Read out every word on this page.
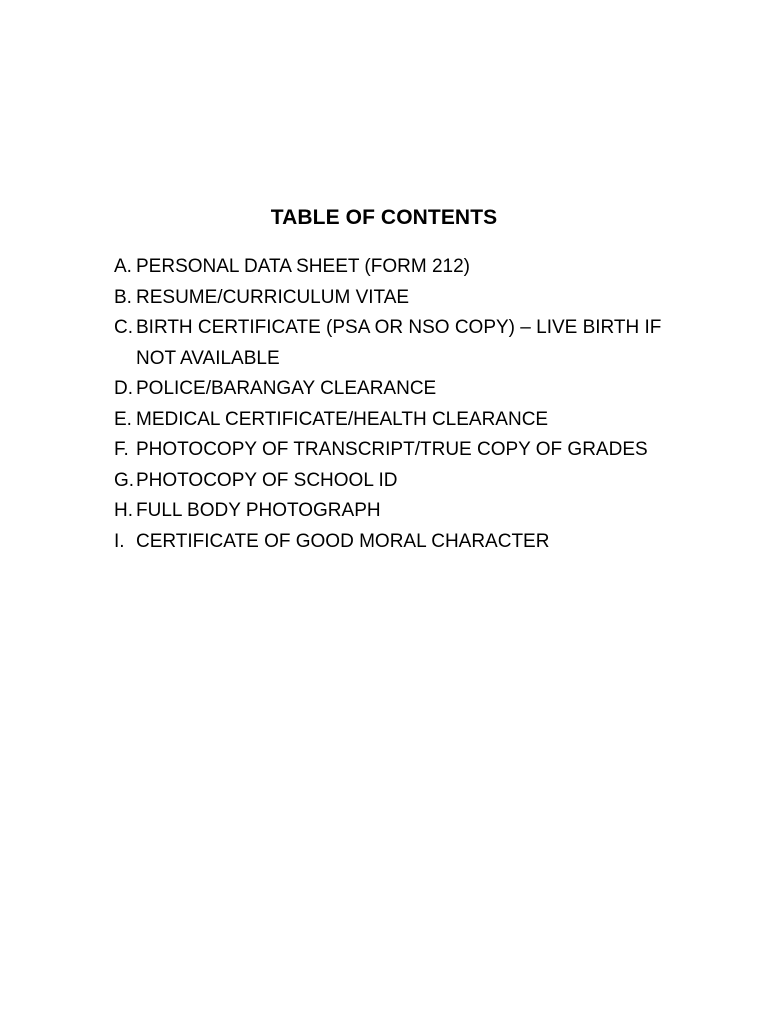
TABLE OF CONTENTS
A. PERSONAL DATA SHEET (FORM 212)
B. RESUME/CURRICULUM VITAE
C. BIRTH CERTIFICATE (PSA OR NSO COPY) – LIVE BIRTH IF
NOT AVAILABLE
D. POLICE/BARANGAY CLEARANCE
E. MEDICAL CERTIFICATE/HEALTH CLEARANCE
F. PHOTOCOPY OF TRANSCRIPT/TRUE COPY OF GRADES
G. PHOTOCOPY OF SCHOOL ID
H. FULL BODY PHOTOGRAPH
I. CERTIFICATE OF GOOD MORAL CHARACTER
